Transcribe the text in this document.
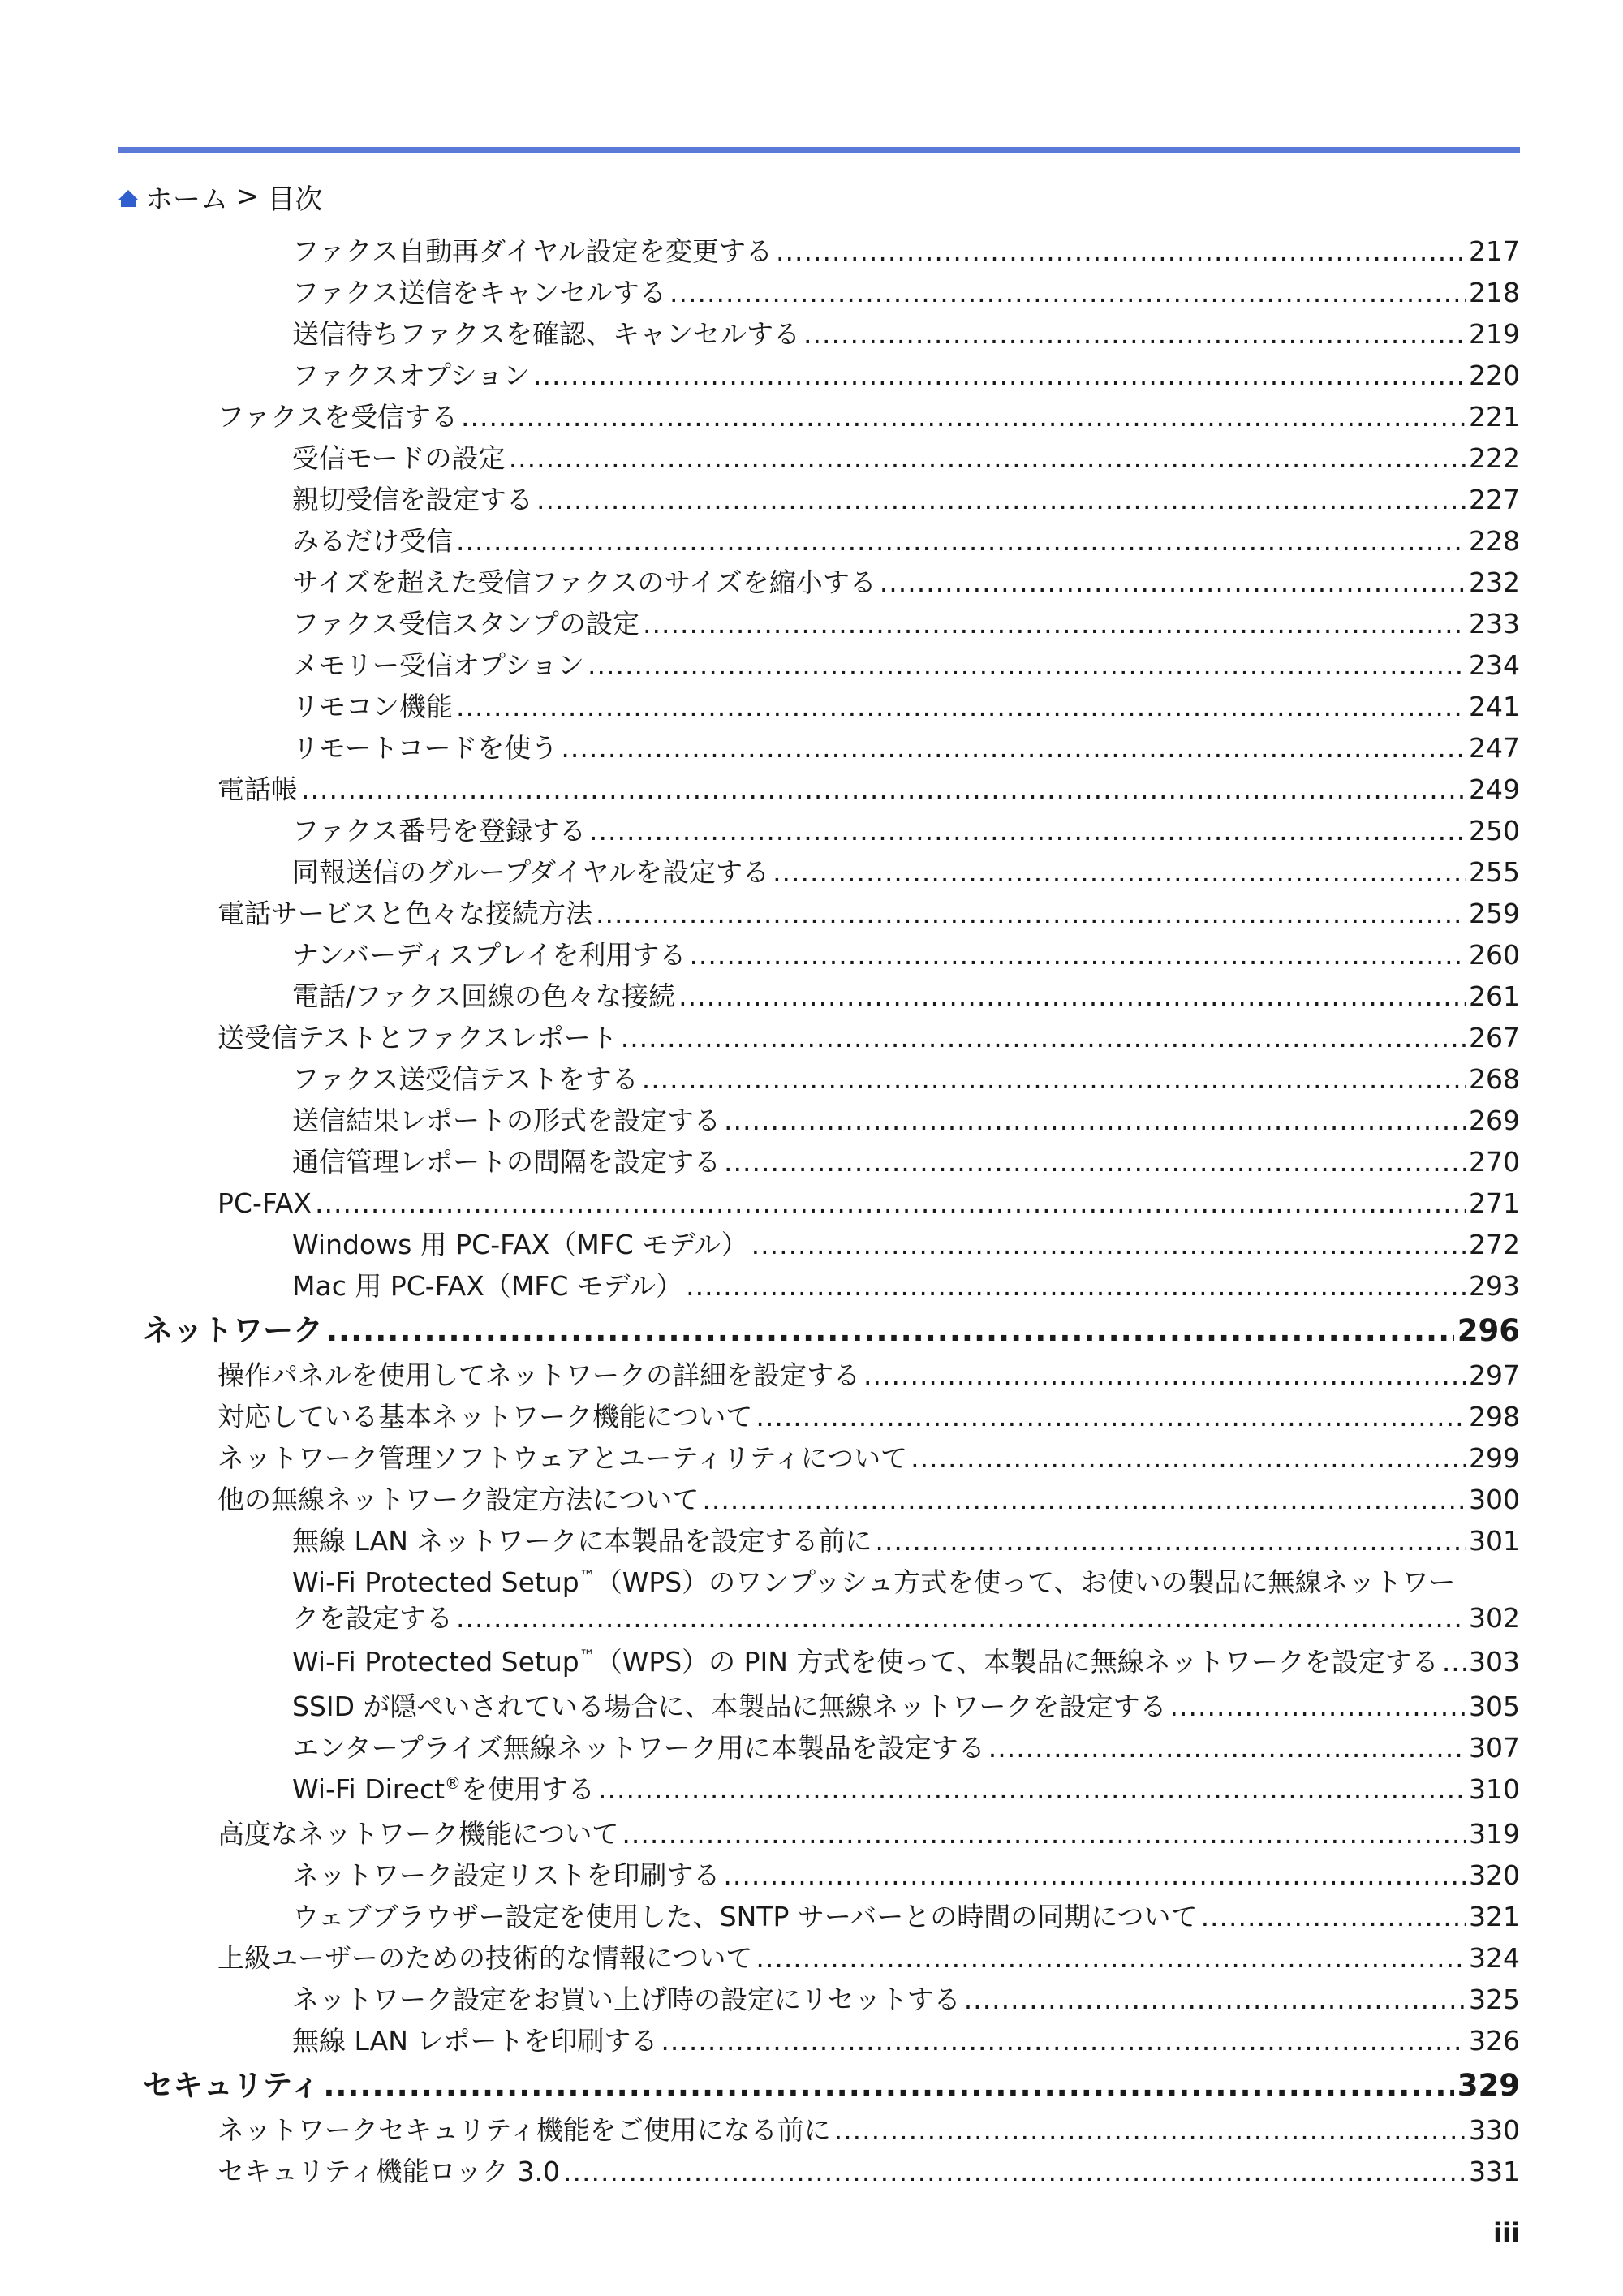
ホーム > 目次
ファクス自動再ダイヤル設定を変更する .....	217
ファクス送信をキャンセルする .....	218
送信待ちファクスを確認、キャンセルする .....	219
ファクスオプション .....	220
ファクスを受信する .....	221
受信モードの設定 .....	222
親切受信を設定する .....	227
みるだけ受信 .....	228
サイズを超えた受信ファクスのサイズを縮小する .....	232
ファクス受信スタンプの設定 .....	233
メモリー受信オプション .....	234
リモコン機能 .....	241
リモートコードを使う .....	247
電話帳 .....	249
ファクス番号を登録する .....	250
同報送信のグループダイヤルを設定する .....	255
電話サービスと色々な接続方法 .....	259
ナンバーディスプレイを利用する .....	260
電話/ファクス回線の色々な接続 .....	261
送受信テストとファクスレポート .....	267
ファクス送受信テストをする .....	268
送信結果レポートの形式を設定する .....	269
通信管理レポートの間隔を設定する .....	270
PC-FAX .....	271
Windows 用 PC-FAX（MFC モデル） .....	272
Mac 用 PC-FAX（MFC モデル） .....	293
ネットワーク .....	296
操作パネルを使用してネットワークの詳細を設定する .....	297
対応している基本ネットワーク機能について .....	298
ネットワーク管理ソフトウェアとユーティリティについて .....	299
他の無線ネットワーク設定方法について .....	300
無線 LAN ネットワークに本製品を設定する前に .....	301
Wi-Fi Protected Setup™（WPS）のワンプッシュ方式を使って、お使いの製品に無線ネットワー
クを設定する .....	302
Wi-Fi Protected Setup™（WPS）の PIN 方式を使って、本製品に無線ネットワークを設定する ..... 303
SSID が隠ぺいされている場合に、本製品に無線ネットワークを設定する .....	305
エンタープライズ無線ネットワーク用に本製品を設定する .....	307
Wi-Fi Direct®を使用する .....	310
高度なネットワーク機能について .....	319
ネットワーク設定リストを印刷する .....	320
ウェブブラウザー設定を使用した、SNTP サーバーとの時間の同期について .....	321
上級ユーザーのための技術的な情報について .....	324
ネットワーク設定をお買い上げ時の設定にリセットする .....	325
無線 LAN レポートを印刷する .....	326
セキュリティ .....	329
ネットワークセキュリティ機能をご使用になる前に .....	330
セキュリティ機能ロック 3.0 .....	331
iii
